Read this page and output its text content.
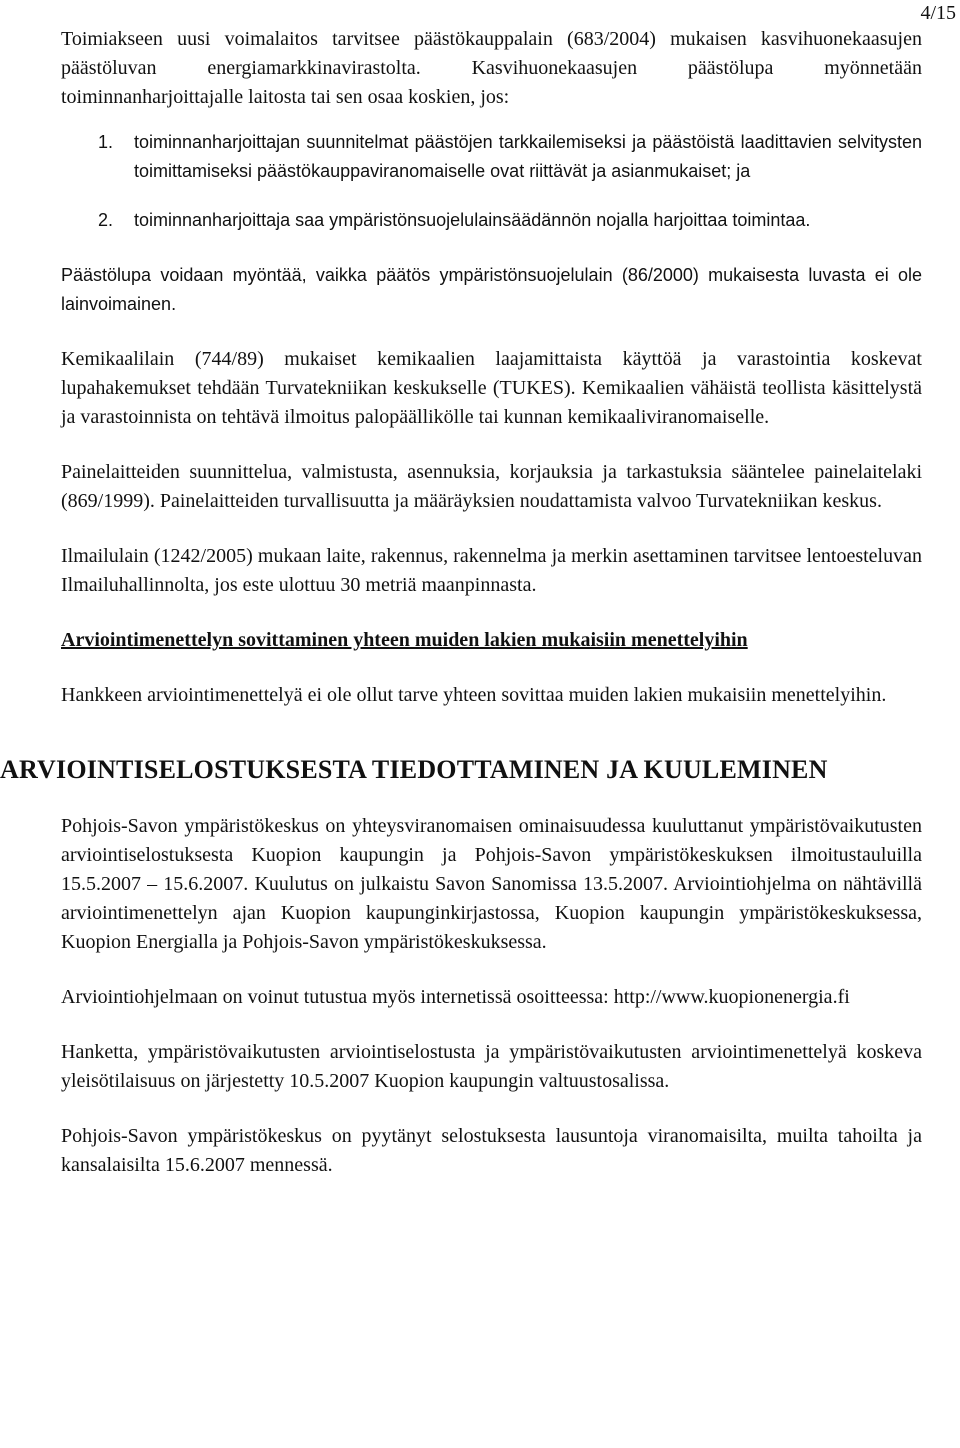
4/15

Toimiakseen uusi voimalaitos tarvitsee päästökauppalain (683/2004) mukaisen kasvihuonekaasujen päästöluvan energiamarkkinavirastolta. Kasvihuonekaasujen päästölupa myönnetään toiminnanharjoittajalle laitosta tai sen osaa koskien, jos:

1. toiminnanharjoittajan suunnitelmat päästöjen tarkkailemiseksi ja päästöistä laadittavien selvitysten toimittamiseksi päästökauppaviranomaiselle ovat riittävät ja asianmukaiset; ja
2. toiminnanharjoittaja saa ympäristönsuojelulainsäädännön nojalla harjoittaa toimintaa.

Päästölupa voidaan myöntää, vaikka päätös ympäristönsuojelulain (86/2000) mukaisesta luvasta ei ole lainvoimainen.

Kemikaalilain (744/89) mukaiset kemikaalien laajamittaista käyttöä ja varastointia koskevat lupahakemukset tehdään Turvatekniikan keskukselle (TUKES). Kemikaalien vähäistä teollista käsittelystä ja varastoinnista on tehtävä ilmoitus palopäällikölle tai kunnan kemikaaliviranomaiselle.

Painelaitteiden suunnittelua, valmistusta, asennuksia, korjauksia ja tarkastuksia sääntelee painelaitelaki (869/1999). Painelaitteiden turvallisuutta ja määräyksien noudattamista valvoo Turvatekniikan keskus.

Ilmailulain (1242/2005) mukaan laite, rakennus, rakennelma ja merkin asettaminen tarvitsee lentoesteluvan Ilmailuhallinnolta, jos este ulottuu 30 metriä maanpinnasta.

Arviointimenettelyn sovittaminen yhteen muiden lakien mukaisiin menettelyihin

Hankkeen arviointimenettelyä ei ole ollut tarve yhteen sovittaa muiden lakien mukaisiin menettelyihin.

ARVIOINTISELOSTUKSESTA TIEDOTTAMINEN JA KUULEMINEN

Pohjois-Savon ympäristökeskus on yhteysviranomaisen ominaisuudessa kuuluttanut ympäristövaikutusten arviointiselostuksesta Kuopion kaupungin ja Pohjois-Savon ympäristökeskuksen ilmoitustauluilla 15.5.2007 – 15.6.2007. Kuulutus on julkaistu Savon Sanomissa 13.5.2007. Arviointiohjelma on nähtävillä arviointimenettelyn ajan Kuopion kaupunginkirjastossa, Kuopion kaupungin ympäristökeskuksessa, Kuopion Energialla ja Pohjois-Savon ympäristökeskuksessa.

Arviointiohjelmaan on voinut tutustua myös internetissä osoitteessa: http://www.kuopionenergia.fi

Hanketta, ympäristövaikutusten arviointiselostusta ja ympäristövaikutusten arviointimenettelyä koskeva yleisötilaisuus on järjestetty 10.5.2007 Kuopion kaupungin valtuustosalissa.

Pohjois-Savon ympäristökeskus on pyytänyt selostuksesta lausuntoja viranomaisilta, muilta tahoilta ja kansalaisilta 15.6.2007 mennessä.
